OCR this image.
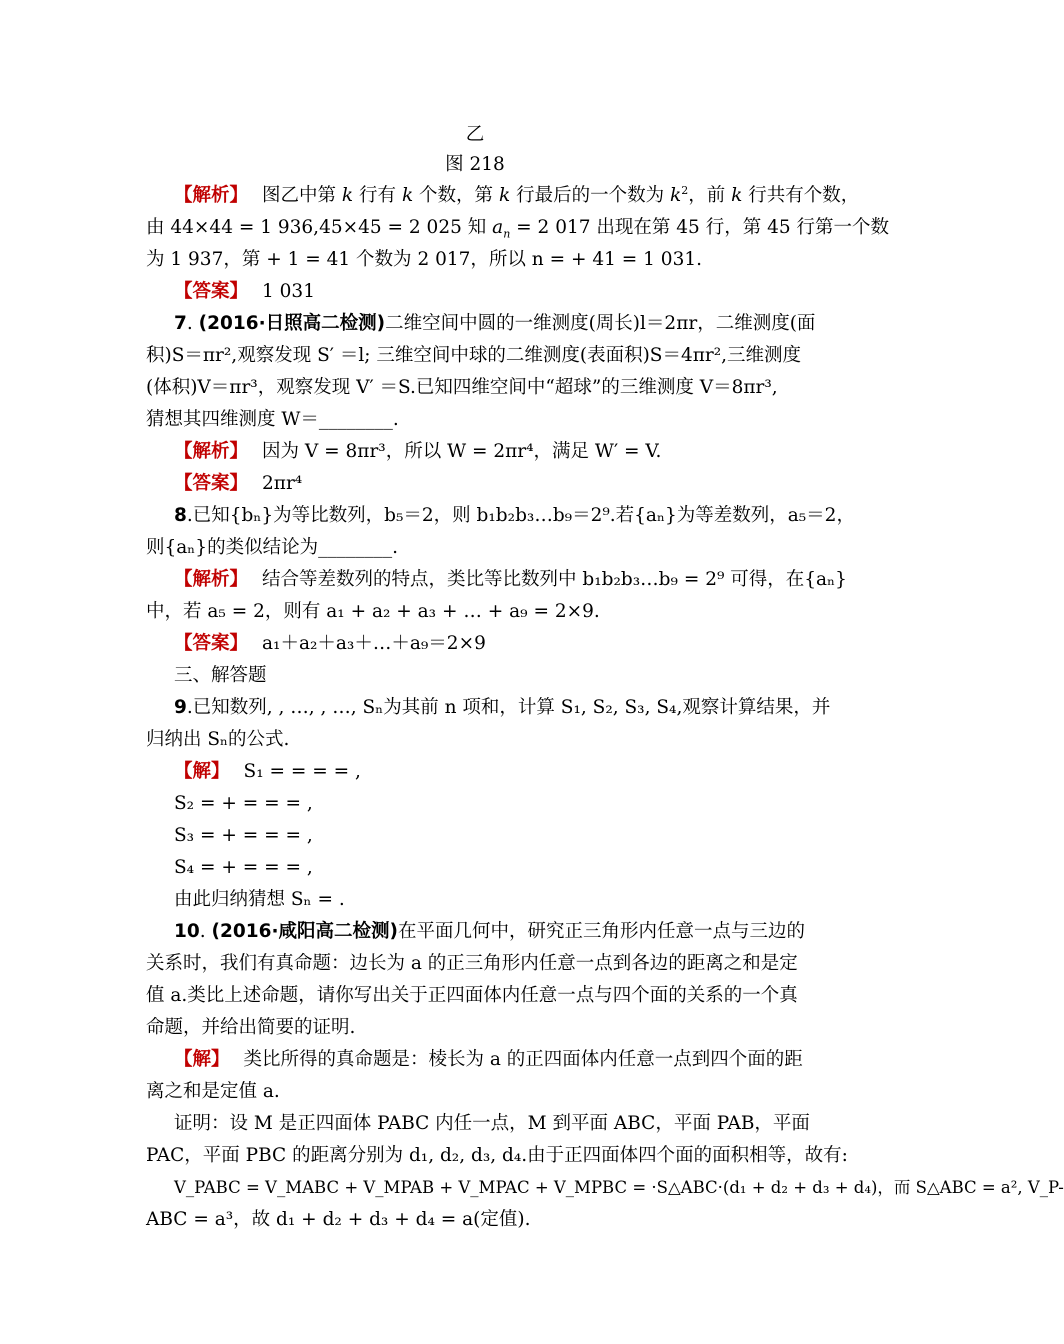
乙
图 218
【解析】 图乙中第 k 行有 k 个数，第 k 行最后的一个数为 $k^2$，前 k 行共有个数，
由 44×44 = 1 936,45×45 = 2 025 知 $a_n = 2$ 017 出现在第 45 行，第 45 行第一个数
为 1 937，第 + 1 = 41 个数为 2 017，所以 n = + 41 = 1 031.
【答案】 1 031
7. (2016·日照高二检测)二维空间中圆的一维测度(周长)l＝2πr，二维测度(面
积)S＝πr²,观察发现 S′ ＝l; 三维空间中球的二维测度(表面积)S＝4πr²,三维测度
(体积)V＝πr³，观察发现 V′ ＝S.已知四维空间中“超球”的三维测度 V＝8πr³,
猜想其四维测度 W＝________.
【解析】 因为 V = 8πr³，所以 W = 2πr⁴，满足 W′ = V.
【答案】 2πr⁴
8.已知{bₙ}为等比数列，b₅＝2，则 b₁b₂b₃…b₉＝2⁹.若{aₙ}为等差数列，a₅＝2，
则{aₙ}的类似结论为________.
【解析】 结合等差数列的特点，类比等比数列中 b₁b₂b₃…b₉ = 2⁹ 可得，在{aₙ}
中，若 a₅ = 2，则有 a₁ + a₂ + a₃ + … + a₉ = 2×9.
【答案】 a₁＋a₂＋a₃＋…＋a₉＝2×9
三、解答题
9.已知数列, , …, , …, Sₙ为其前 n 项和，计算 S₁, S₂, S₃, S₄,观察计算结果，并
归纳出 Sₙ的公式.
【解】 S₁ = = = = ,
S₂ = + = = = ,
S₃ = + = = = ,
S₄ = + = = = ,
由此归纳猜想 Sₙ = .
10. (2016·咸阳高二检测)在平面几何中，研究正三角形内任意一点与三边的
关系时，我们有真命题：边长为 a 的正三角形内任意一点到各边的距离之和是定
值 a.类比上述命题，请你写出关于正四面体内任意一点与四个面的关系的一个真
命题，并给出简要的证明.
【解】 类比所得的真命题是：棱长为 a 的正四面体内任意一点到四个面的距
离之和是定值 a.
证明：设 M 是正四面体 PABC 内任一点，M 到平面 ABC，平面 PAB，平面
PAC，平面 PBC 的距离分别为 d₁, d₂, d₃, d₄.由于正四面体四个面的面积相等，故有:
V_PABC = V_MABC + V_MPAB + V_MPAC + V_MPBC = ·S△ABC·(d₁ + d₂ + d₃ + d₄)，而 S△ABC = a², V_P-
ABC = a³，故 d₁ + d₂ + d₃ + d₄ = a(定值).
